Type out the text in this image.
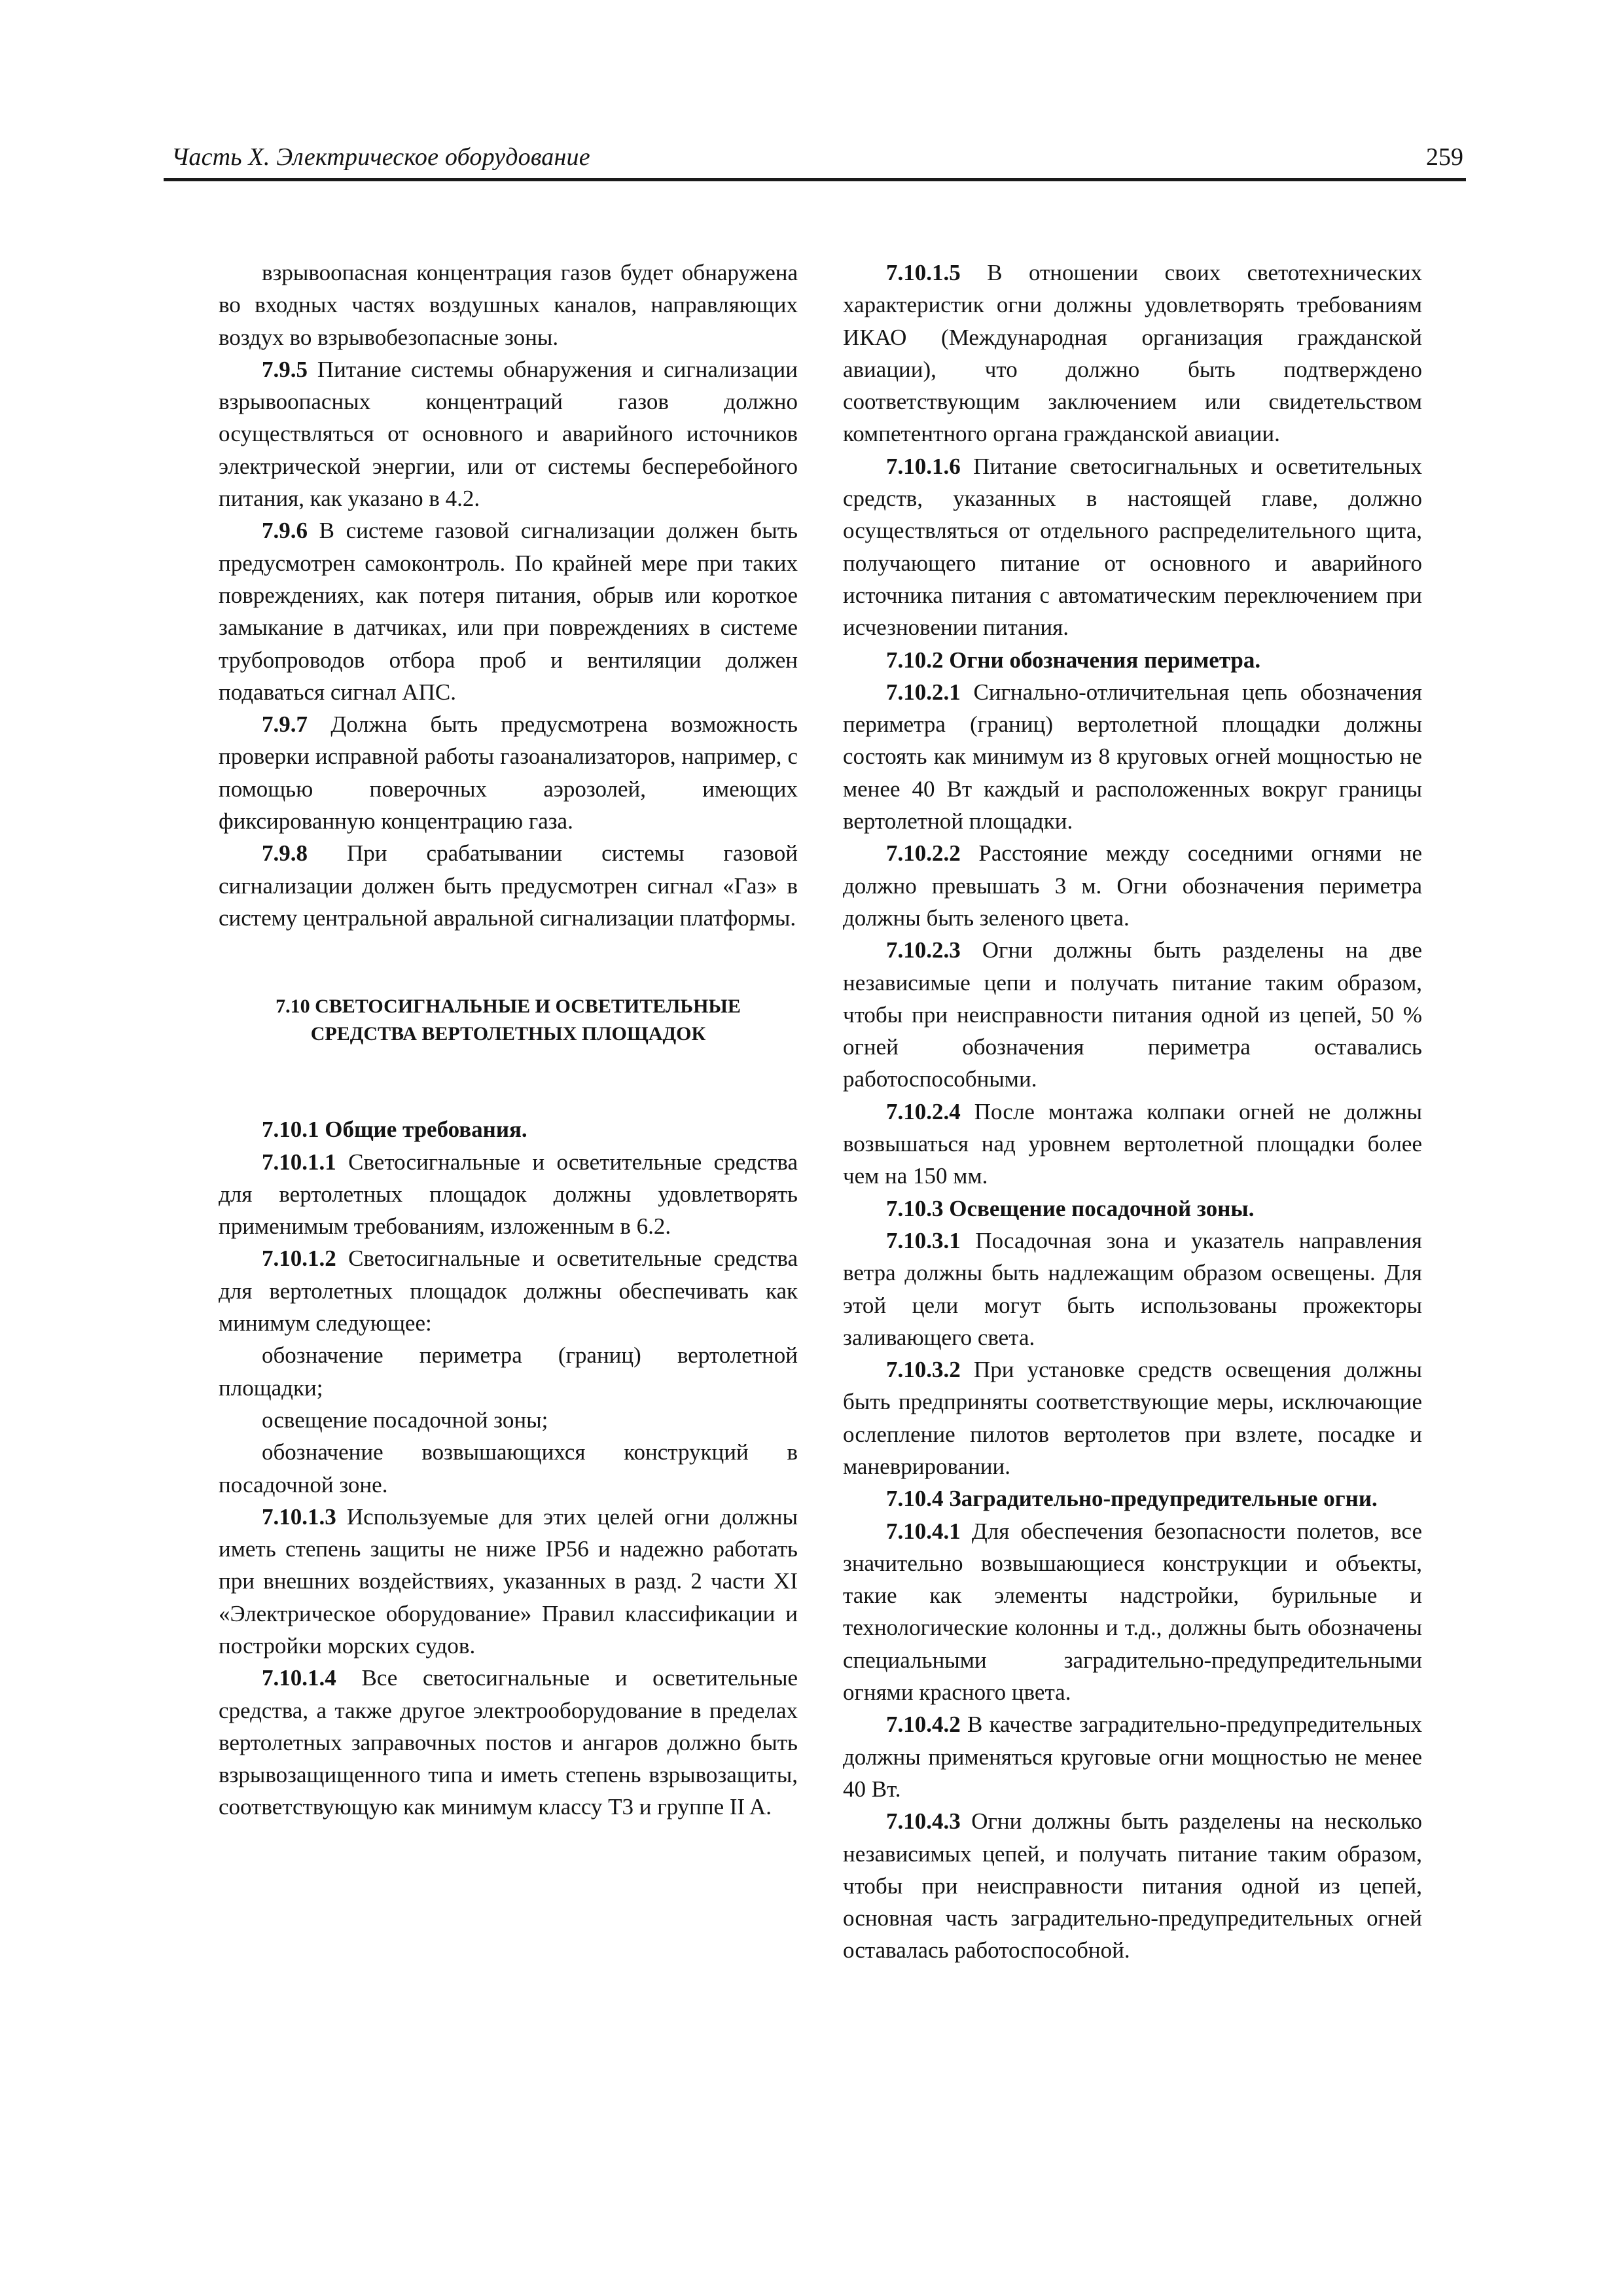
Часть X. Электрическое оборудование	259

взрывоопасная концентрация газов будет обнаружена во входных частях воздушных каналов, направляющих воздух во взрывобезопасные зоны.

7.9.5 Питание системы обнаружения и сигнализации взрывоопасных концентраций газов должно осуществляться от основного и аварийного источников электрической энергии, или от системы бесперебойного питания, как указано в 4.2.

7.9.6 В системе газовой сигнализации должен быть предусмотрен самоконтроль. По крайней мере при таких повреждениях, как потеря питания, обрыв или короткое замыкание в датчиках, или при повреждениях в системе трубопроводов отбора проб и вентиляции должен подаваться сигнал АПС.

7.9.7 Должна быть предусмотрена возможность проверки исправной работы газоанализаторов, например, с помощью поверочных аэрозолей, имеющих фиксированную концентрацию газа.

7.9.8 При срабатывании системы газовой сигнализации должен быть предусмотрен сигнал «Газ» в систему центральной авральной сигнализации платформы.

7.10 СВЕТОСИГНАЛЬНЫЕ И ОСВЕТИТЕЛЬНЫЕ
СРЕДСТВА ВЕРТОЛЕТНЫХ ПЛОЩАДОК

7.10.1 Общие требования.

7.10.1.1 Светосигнальные и осветительные средства для вертолетных площадок должны удовлетворять применимым требованиям, изложенным в 6.2.

7.10.1.2 Светосигнальные и осветительные средства для вертолетных площадок должны обеспечивать как минимум следующее:

обозначение периметра (границ) вертолетной площадки;

освещение посадочной зоны;

обозначение возвышающихся конструкций в посадочной зоне.

7.10.1.3 Используемые для этих целей огни должны иметь степень защиты не ниже IP56 и надежно работать при внешних воздействиях, указанных в разд. 2 части XI «Электрическое оборудование» Правил классификации и постройки морских судов.

7.10.1.4 Все светосигнальные и осветительные средства, а также другое электрооборудование в пределах вертолетных заправочных постов и ангаров должно быть взрывозащищенного типа и иметь степень взрывозащиты, соответствующую как минимум классу T3 и группе II A.

7.10.1.5 В отношении своих светотехнических характеристик огни должны удовлетворять требованиям ИКАО (Международная организация гражданской авиации), что должно быть подтверждено соответствующим заключением или свидетельством компетентного органа гражданской авиации.

7.10.1.6 Питание светосигнальных и осветительных средств, указанных в настоящей главе, должно осуществляться от отдельного распределительного щита, получающего питание от основного и аварийного источника питания с автоматическим переключением при исчезновении питания.

7.10.2 Огни обозначения периметра.

7.10.2.1 Сигнально-отличительная цепь обозначения периметра (границ) вертолетной площадки должны состоять как минимум из 8 круговых огней мощностью не менее 40 Вт каждый и расположенных вокруг границы вертолетной площадки.

7.10.2.2 Расстояние между соседними огнями не должно превышать 3 м. Огни обозначения периметра должны быть зеленого цвета.

7.10.2.3 Огни должны быть разделены на две независимые цепи и получать питание таким образом, чтобы при неисправности питания одной из цепей, 50 % огней обозначения периметра оставались работоспособными.

7.10.2.4 После монтажа колпаки огней не должны возвышаться над уровнем вертолетной площадки более чем на 150 мм.

7.10.3 Освещение посадочной зоны.

7.10.3.1 Посадочная зона и указатель направления ветра должны быть надлежащим образом освещены. Для этой цели могут быть использованы прожекторы заливающего света.

7.10.3.2 При установке средств освещения должны быть предприняты соответствующие меры, исключающие ослепление пилотов вертолетов при взлете, посадке и маневрировании.

7.10.4 Заградительно-предупредительные огни.

7.10.4.1 Для обеспечения безопасности полетов, все значительно возвышающиеся конструкции и объекты, такие как элементы надстройки, бурильные и технологические колонны и т.д., должны быть обозначены специальными заградительно-предупредительными огнями красного цвета.

7.10.4.2 В качестве заградительно-предупредительных должны применяться круговые огни мощностью не менее 40 Вт.

7.10.4.3 Огни должны быть разделены на несколько независимых цепей, и получать питание таким образом, чтобы при неисправности питания одной из цепей, основная часть заградительно-предупредительных огней оставалась работоспособной.
